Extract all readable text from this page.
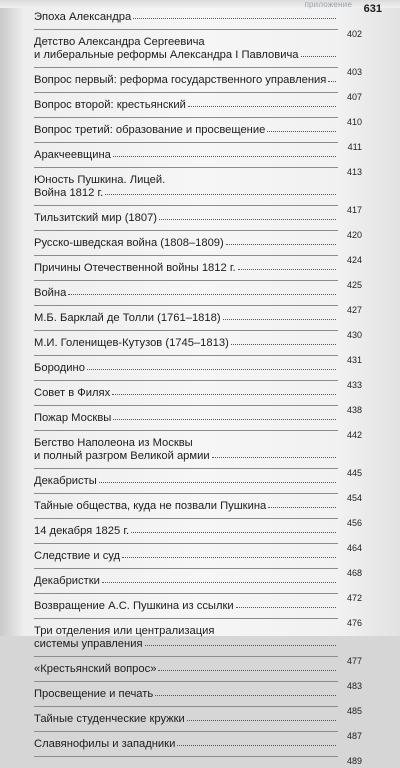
приложение 631
Эпоха Александра
402
Детство Александра Сергеевича
и либеральные реформы Александра I Павловича
403
Вопрос первый: реформа государственного управления
407
Вопрос второй: крестьянский
410
Вопрос третий: образование и просвещение
411
Аракчеевщина
413
Юность Пушкина. Лицей.
Война 1812 г.
417
Тильзитский мир (1807)
420
Русско-шведская война (1808–1809)
424
Причины Отечественной войны 1812 г.
425
Война
427
М.Б. Барклай де Толли (1761–1818)
430
М.И. Голенищев-Кутузов (1745–1813)
431
Бородино
433
Совет в Филях
438
Пожар Москвы
442
Бегство Наполеона из Москвы
и полный разгром Великой армии
445
Декабристы
454
Тайные общества, куда не позвали Пушкина
456
14 декабря 1825 г.
464
Следствие и суд
468
Декабристки
472
Возвращение А.С. Пушкина из ссылки
476
Три отделения или централизация
системы управления
477
«Крестьянский вопрос»
483
Просвещение и печать
485
Тайные студенческие кружки
487
Славянофилы и западники
489
